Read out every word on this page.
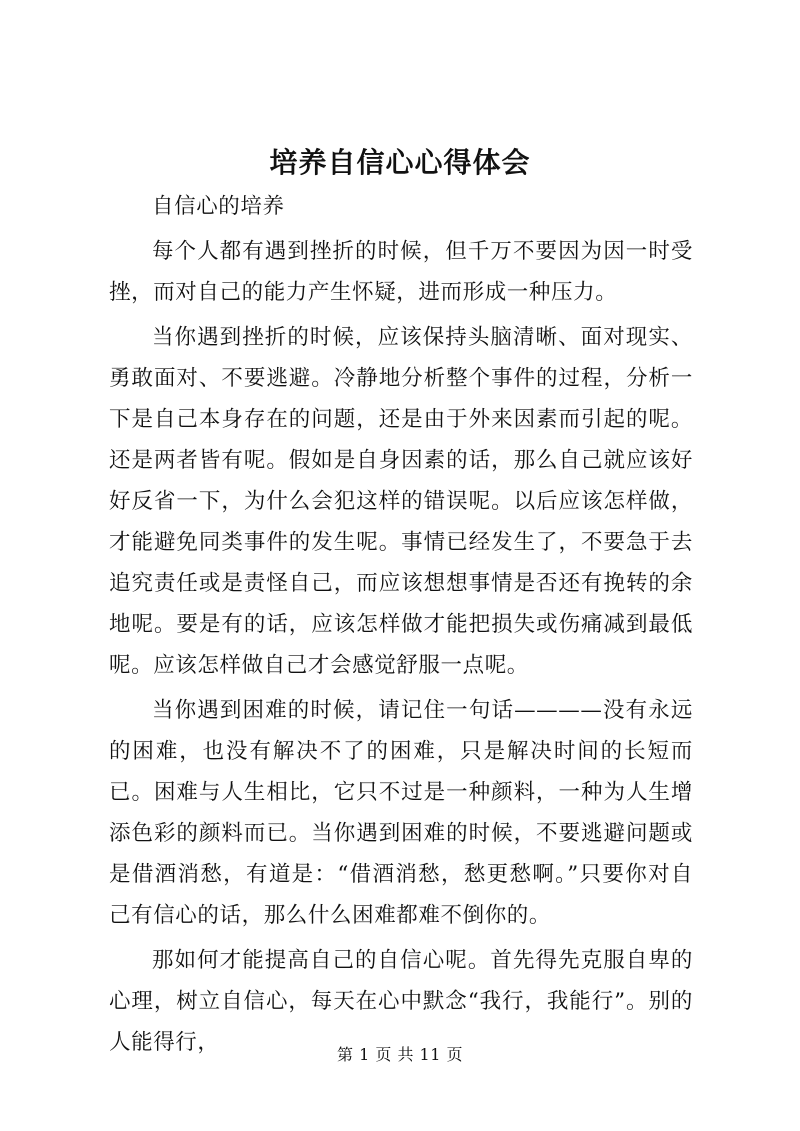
培养自信心心得体会

自信心的培养

每个人都有遇到挫折的时候，但千万不要因为因一时受挫，而对自己的能力产生怀疑，进而形成一种压力。

当你遇到挫折的时候，应该保持头脑清晰、面对现实、勇敢面对、不要逃避。冷静地分析整个事件的过程，分析一下是自己本身存在的问题，还是由于外来因素而引起的呢。还是两者皆有呢。假如是自身因素的话，那么自己就应该好好反省一下，为什么会犯这样的错误呢。以后应该怎样做，才能避免同类事件的发生呢。事情已经发生了，不要急于去追究责任或是责怪自己，而应该想想事情是否还有挽转的余地呢。要是有的话，应该怎样做才能把损失或伤痛减到最低呢。应该怎样做自己才会感觉舒服一点呢。

当你遇到困难的时候，请记住一句话————没有永远的困难，也没有解决不了的困难，只是解决时间的长短而已。困难与人生相比，它只不过是一种颜料，一种为人生增添色彩的颜料而已。当你遇到困难的时候，不要逃避问题或是借酒消愁，有道是：“借酒消愁，愁更愁啊。”只要你对自己有信心的话，那么什么困难都难不倒你的。

那如何才能提高自己的自信心呢。首先得先克服自卑的心理，树立自信心，每天在心中默念“我行，我能行”。别的人能得行，	第 1 页 共 11 页
